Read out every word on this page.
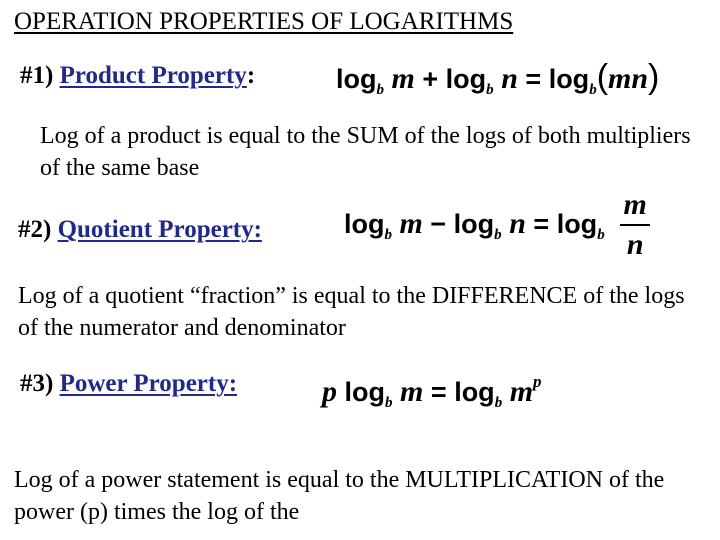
OPERATION PROPERTIES OF LOGARITHMS
#1) Product Property:	$\log_b m + \log_b n = \log_b(mn)$
Log of a product is equal to the SUM of the logs of both multipliers of the same base
#2) Quotient Property:	$\log_b m - \log_b n = \log_b \frac{m}{n}$
Log of a quotient “fraction” is equal to the DIFFERENCE of the logs of the numerator and denominator
#3) Power Property:	p $\log_b m = \log_b m^p$
Log of a power statement is equal to the MULTIPLICATION of the power (p) times the log of the
